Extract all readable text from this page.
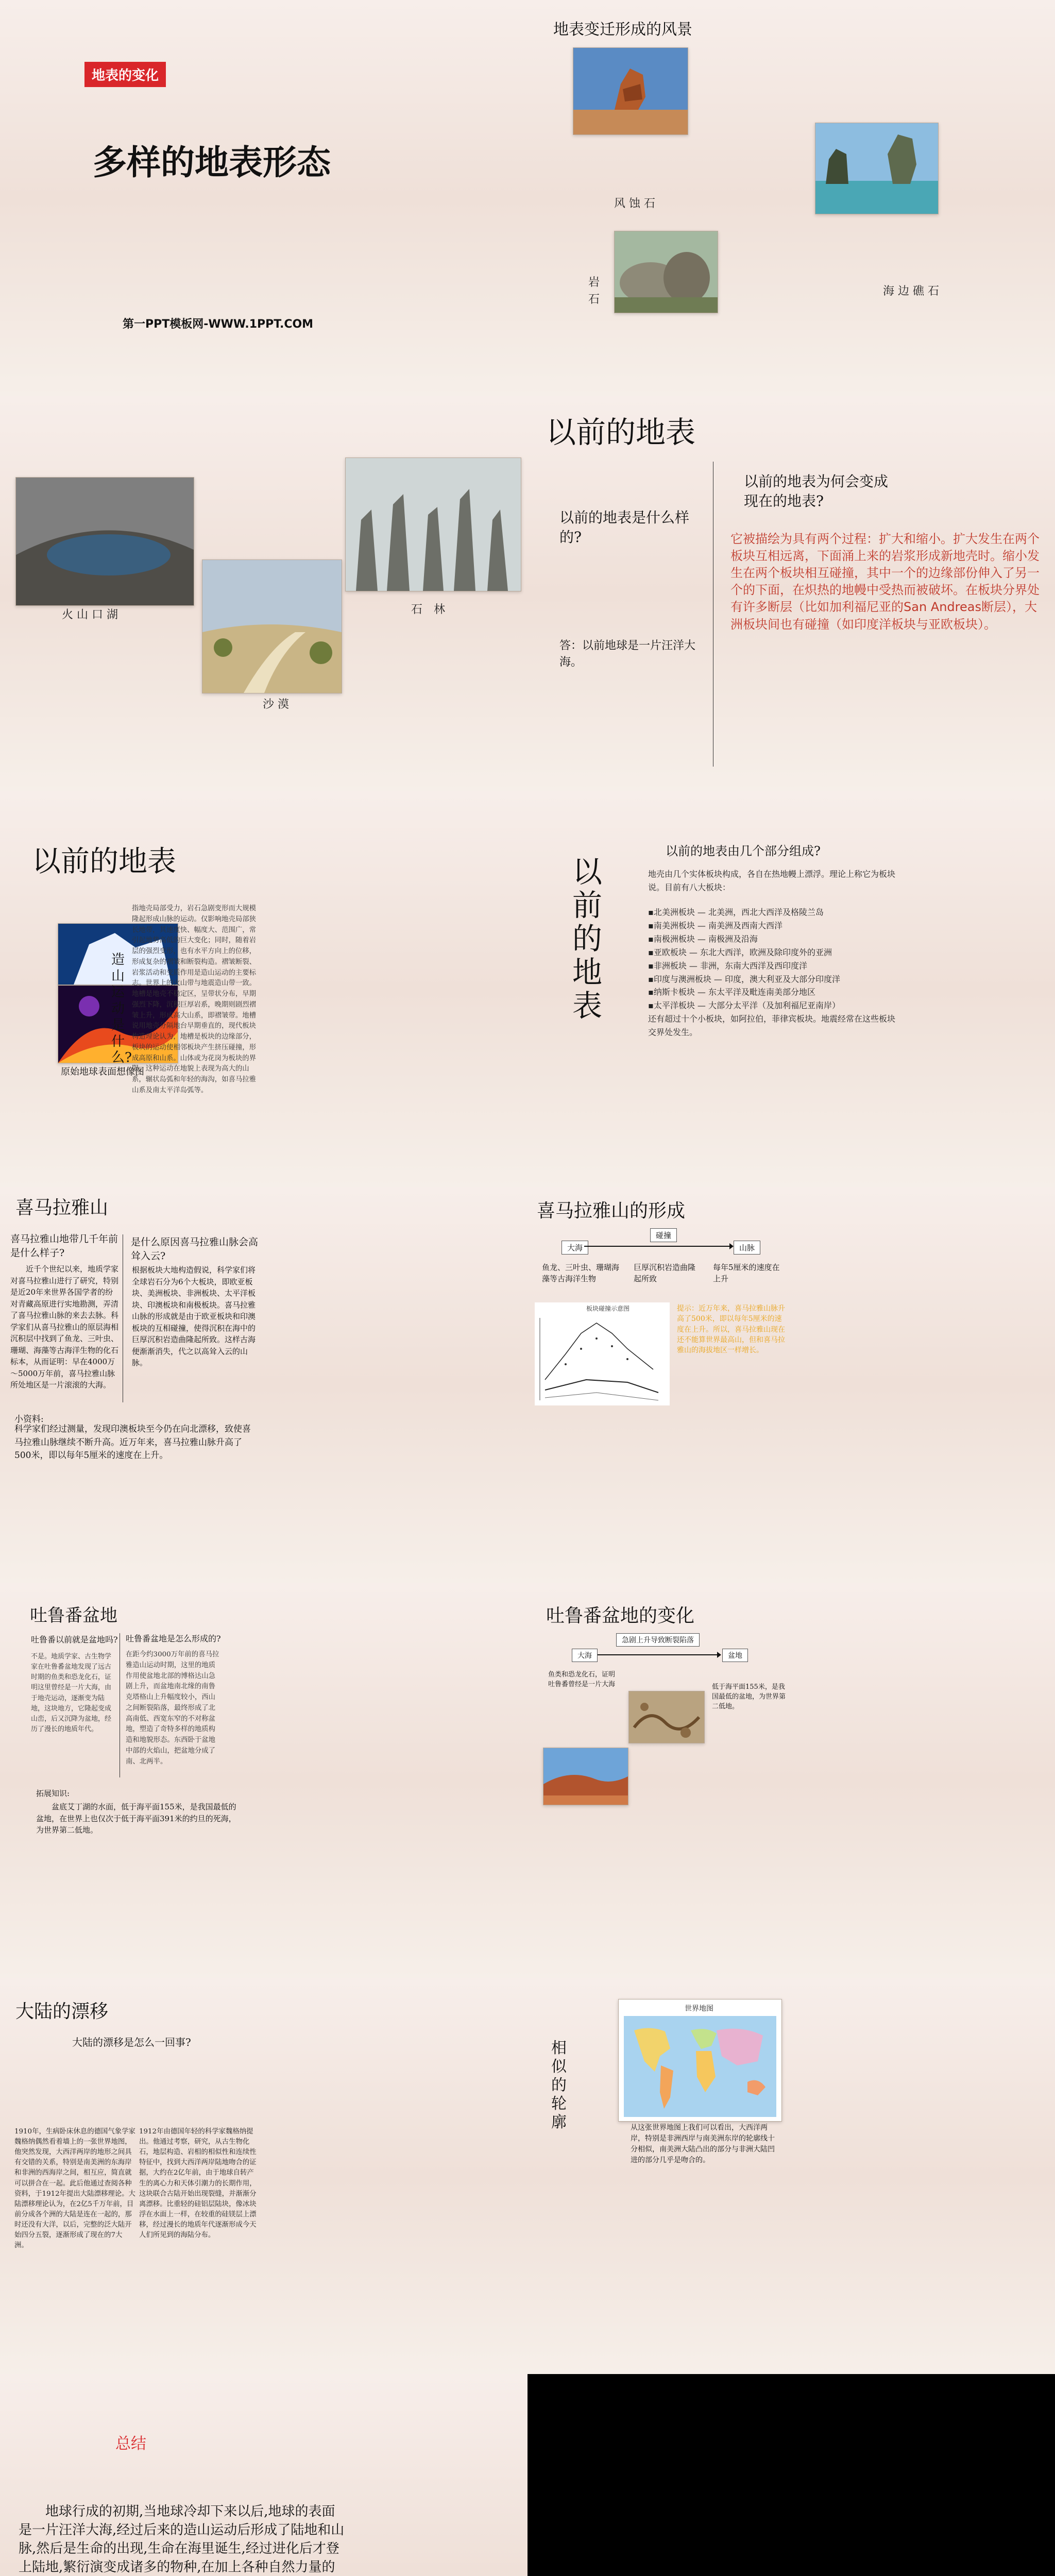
地表的变化
多样的地表形态
第一PPT模板网-WWW.1PPT.COM
地表变迁形成的风景
风 蚀 石
海 边 礁 石
岩 石
火 山 口 湖	石　林
沙 漠
以前的地表
以前的地表是什么样的?
答：以前地球是一片汪洋大海。
以前的地表为何会变成现在的地表?
它被描绘为具有两个过程：扩大和缩小。扩大发生在两个板块互相远离，下面涌上来的岩浆形成新地壳时。缩小发生在两个板块相互碰撞，其中一个的边缘部份伸入了另一个的下面，在炽热的地幔中受热而被破坏。在板块分界处有许多断层（比如加利福尼亚的San Andreas断层），大洲板块间也有碰撞（如印度洋板块与亚欧板块）。
以前的地表
原始地球表面想像图
造山运动是什么?
指地壳局部受力，岩石急剧变形而大规模隆起形成山脉的运动。仅影响地壳局部狭长地带，其速度快、幅度大、范围广，常引起地势高低的巨大变化；同时，随着岩层的强烈变形，也有水平方向上的位移，形成复杂的褶皱和断裂构造。褶皱断裂、岩浆活动和变质作用是造山运动的主要标志。世界上的火山带与地震造山带一致。地槽是地壳不稳定区，呈带状分布，早期强烈下降，沉积巨厚岩系，晚期则剧烈褶皱上升，形成高大山系，即褶皱带。地槽说用地壳分隔地台早期垂直的，现代板块构造理论认为，地槽是板块的边缘部分，板块的运动使相邻板块产生挤压碰撞，形成高原和山系。山体或为花岗为板块的界限。这种运动在地貌上表现为高大的山系，辗状岛弧和年轻的海沟，如喜马拉雅山系及南太平洋岛弧等。
以前的地表
以前的地表由几个部分组成?
地壳由几个实体板块构成，各自在热地幔上漂浮。理论上称它为板块说。目前有八大板块：
▪北美洲板块 — 北美洲，西北大西洋及格陵兰岛
▪南美洲板块 — 南美洲及西南大西洋
▪南极洲板块 — 南极洲及沿海
▪亚欧板块 — 东北大西洋，欧洲及除印度外的亚洲
▪非洲板块 — 非洲，东南大西洋及西印度洋
▪印度与澳洲板块 — 印度，澳大利亚及大部分印度洋
▪纳斯卡板块 — 东太平洋及毗连南美部分地区
▪太平洋板块 — 大部分太平洋（及加利福尼亚南岸）
还有超过十个小板块，如阿拉伯，菲律宾板块。地震经常在这些板块交界处发生。
喜马拉雅山
喜马拉雅山地带几千年前是什么样子?
近千个世纪以来，地质学家对喜马拉雅山进行了研究，特别是近20年来世界各国学者的纷对青藏高原进行实地勘测，弄清了喜马拉雅山脉的来去去脉。科学家们从喜马拉雅山的原层海相沉积层中找到了鱼龙、三叶虫、珊瑚、海藻等古海洋生物的化石标本，从而证明：早在4000万～5000万年前，喜马拉雅山脉所处地区是一片滚滚的大海。
是什么原因喜马拉雅山脉会高耸入云?
根据板块大地构造假说，科学家们将全球岩石分为6个大板块，即欧亚板块、美洲板块、非洲板块、太平洋板块、印澳板块和南极板块。喜马拉雅山脉的形成就是由于欧亚板块和印澳板块的互相碰撞，使得沉积在海中的巨厚沉积岩造曲隆起所致。这样古海便渐渐消失，代之以高耸入云的山脉。
小资料:
科学家们经过测量，发现印澳板块至今仍在向北漂移，致使喜马拉雅山脉继续不断升高。近万年来，喜马拉雅山脉升高了500米，即以每年5厘米的速度在上升。
喜马拉雅山的形成
大海
碰撞
山脉
鱼龙、三叶虫、珊瑚海藻等古海洋生物
巨厚沉积岩造曲隆起所致
每年5厘米的速度在上升
板块碰撞示意图	提示：近万年来，喜马拉雅山脉升高了500米，即以每年5厘米的速度在上升。所以，喜马拉雅山现在还不能算世界最高山，但和喜马拉雅山的海拔地区一样增长。
吐鲁番盆地
吐鲁番以前就是盆地吗?
不是。地质学家、古生物学家在吐鲁番盆地发现了远古时期的鱼类和恐龙化石，证明这里曾经是一片大海，由于地壳运动，逐渐变为陆地，这块地方，它隆起变成山峦，后又沉降为盆地，经历了漫长的地质年代。
吐鲁番盆地是怎么形成的?
在距今约3000万年前的喜马拉雅造山运动时期，这里的地质作用使盆地北部的博格达山急剧上升，而盆地南北缘的南鲁克塔格山上升幅度较小，西山之间断裂陷落，最终形成了北高南低、西宽东窄的不对称盆地，塑造了奇特多样的地质构造和地貌形态。东西卧于盆地中部的火焰山，把盆地分成了南、北两半。
拓展知识:
盆底艾丁湖的水面，低于海平面155米，是我国最低的盆地，在世界上也仅次于低于海平面391米的约旦的死海，为世界第二低地。
吐鲁番盆地的变化
急剧上升导致断裂陷落
大海	盆地
鱼类和恐龙化石，证明吐鲁番曾经是一片大海	低于海平面155米，是我国最低的盆地，为世界第二低地。
大陆的漂移
大陆的漂移是怎么一回事?
1910年，生病卧床休息的德国气象学家魏格纳偶然看着墙上的一张世界地图，他突然发现，大西洋两岸的地形之间具有交错的关系，特别是南美洲的东海岸和非洲的西海岸之间，相互应，简直就可以拼合在一起。此后他通过查阅各种资料，于1912年提出大陆漂移理论。大陆漂移理论认为，在2亿5千万年前，目前分成各个洲的大陆是连在一起的，那时还没有大洋，以后，完整的泛大陆开始四分五裂，逐渐形成了现在的7大洲。
1912年由德国年轻的科学家魏格纳提出。他通过考察，研究，从古生物化石，地层构造、岩相的相似性和连续性特征中，找到大西洋两岸陆地吻合的证据，大约在2亿年前，由于地球自转产生的离心力和天体引潮力的长期作用，这块联合古陆开始出现裂缝，并渐渐分离漂移。比重轻的硅铝层陆块，像冰块浮在水面上一样，在较重的硅镁层上漂移，经过漫长的地质年代逐渐形成今天人们所见到的海陆分布。
相似的轮廓
世界地图
从这张世界地图上我们可以看出，大西洋两岸，特别是非洲西岸与南美洲东岸的轮廓线十分相似，南美洲大陆凸出的部分与非洲大陆凹进的部分几乎是吻合的。
总结
地球行成的初期,当地球冷却下来以后,地球的表面是一片汪洋大海,经过后来的造山运动后形成了陆地和山脉,然后是生命的出现,生命在海里诞生,经过进化后才登上陆地,繁衍演变成诸多的物种,在加上各种自然力量的
